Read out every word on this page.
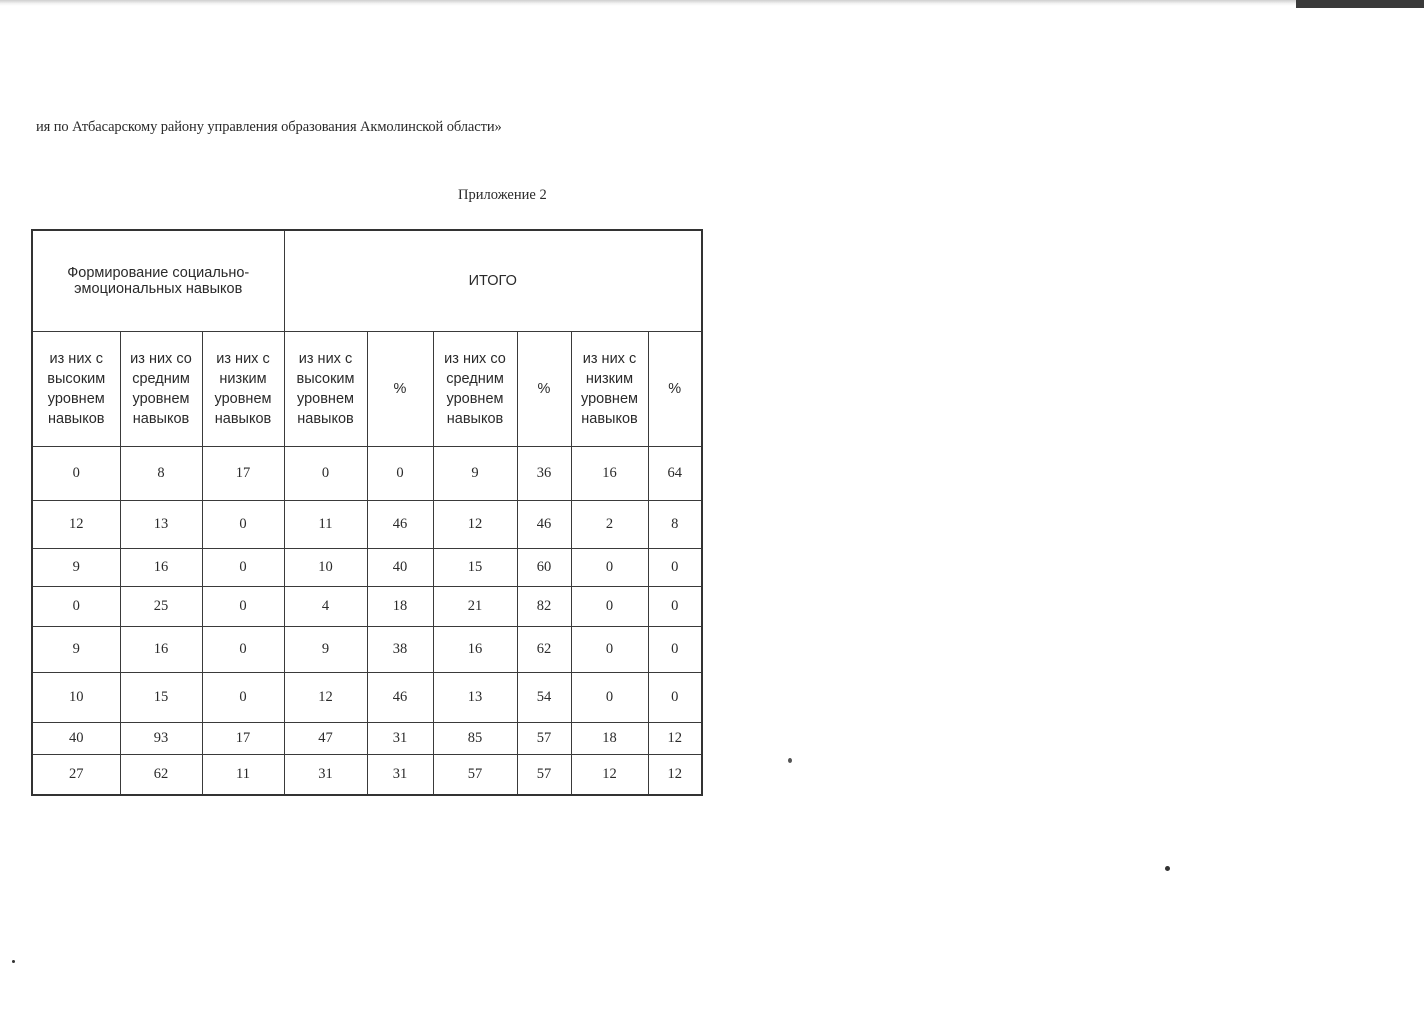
ия по Атбасарскому району управления образования Акмолинской области»
Приложение 2
Формирование социально-эмоциональных навыков			ИТОГО					
из них с высоким уровнем навыков	из них со средним уровнем навыков	из них с низким уровнем навыков	из них с высоким уровнем навыков	%	из них со средним уровнем навыков	%	из них с низким уровнем навыков	%
0	8	17	0	0	9	36	16	64
12	13	0	11	46	12	46	2	8
9	16	0	10	40	15	60	0	0
0	25	0	4	18	21	82	0	0
9	16	0	9	38	16	62	0	0
10	15	0	12	46	13	54	0	0
40	93	17	47	31	85	57	18	12
27	62	11	31	31	57	57	12	12
